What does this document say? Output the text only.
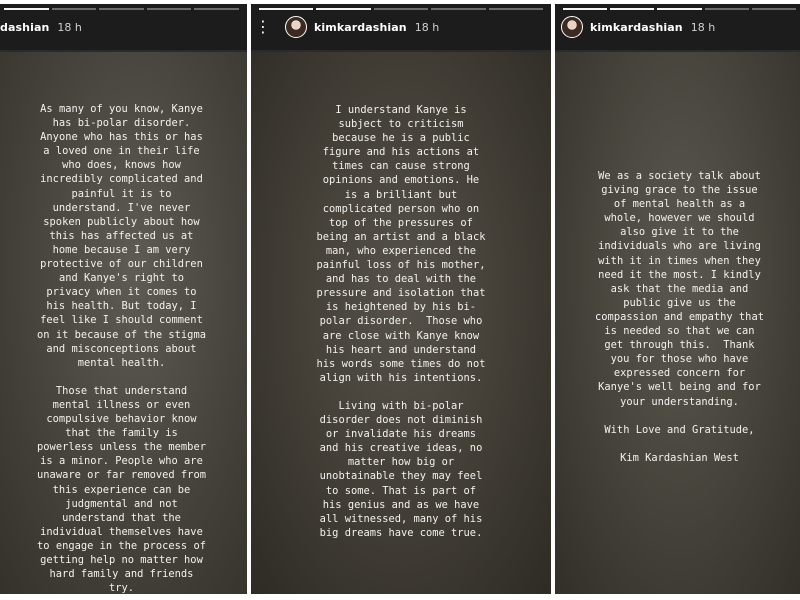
dashian 18 h
As many of you know, Kanye
has bi-polar disorder.
Anyone who has this or has
a loved one in their life
who does, knows how
incredibly complicated and
painful it is to
understand. I've never
spoken publicly about how
this has affected us at
home because I am very
protective of our children
and Kanye's right to
privacy when it comes to
his health. But today, I
feel like I should comment
on it because of the stigma
and misconceptions about
mental health.

Those that understand
mental illness or even
compulsive behavior know
that the family is
powerless unless the member
is a minor. People who are
unaware or far removed from
this experience can be
judgmental and not
understand that the
individual themselves have
to engage in the process of
getting help no matter how
hard family and friends
try.
⋮	kimkardashian 18 h
I understand Kanye is
subject to criticism
because he is a public
figure and his actions at
times can cause strong
opinions and emotions. He
is a brilliant but
complicated person who on
top of the pressures of
being an artist and a black
man, who experienced the
painful loss of his mother,
and has to deal with the
pressure and isolation that
is heightened by his bi-
polar disorder.  Those who
are close with Kanye know
his heart and understand
his words some times do not
align with his intentions.

Living with bi-polar
disorder does not diminish
or invalidate his dreams
and his creative ideas, no
matter how big or
unobtainable they may feel
to some. That is part of
his genius and as we have
all witnessed, many of his
big dreams have come true.
kimkardashian 18 h
We as a society talk about
giving grace to the issue
of mental health as a
whole, however we should
also give it to the
individuals who are living
with it in times when they
need it the most. I kindly
ask that the media and
public give us the
compassion and empathy that
is needed so that we can
get through this.  Thank
you for those who have
expressed concern for
Kanye's well being and for
your understanding.

With Love and Gratitude,

Kim Kardashian West
